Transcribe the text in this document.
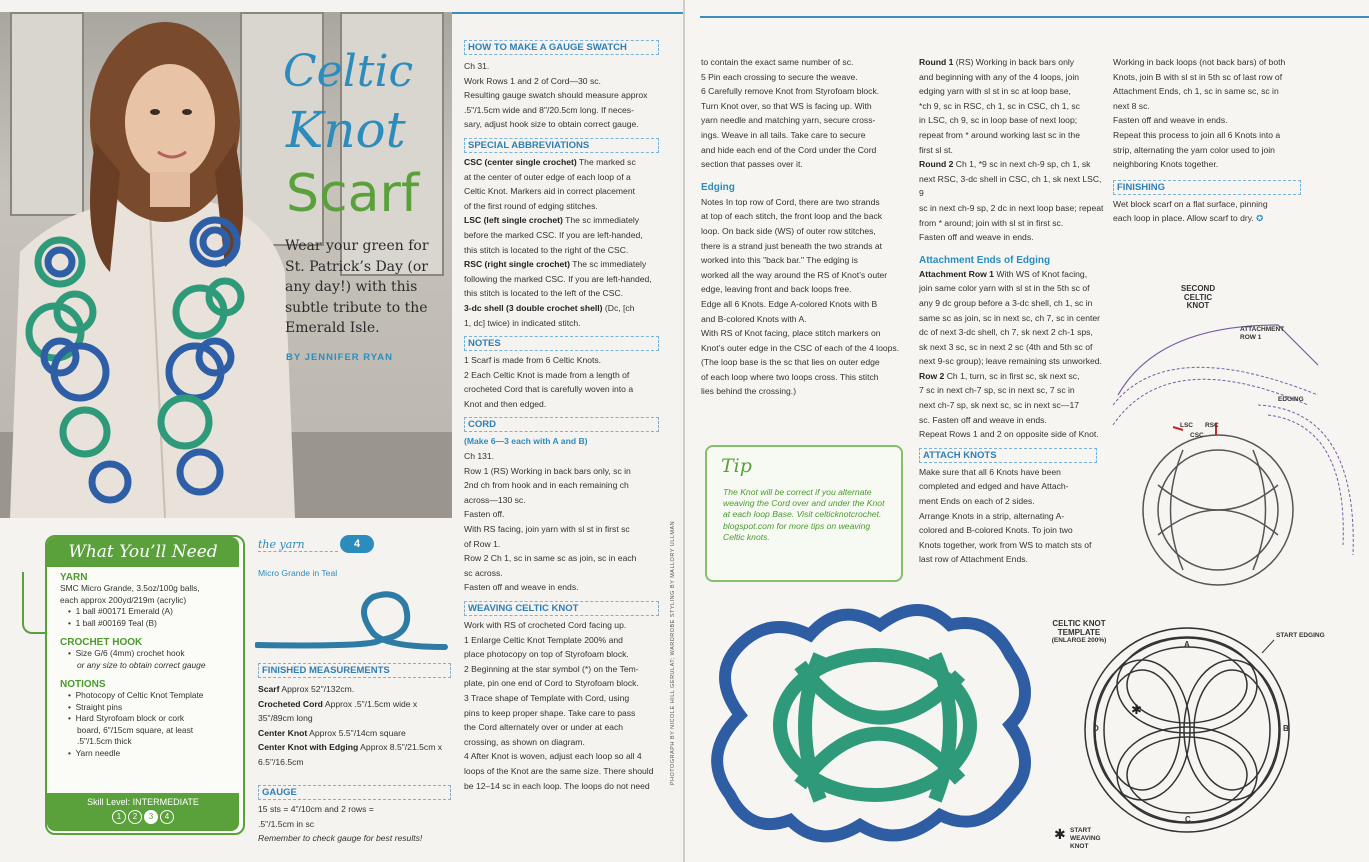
Celtic
Knot
Scarf
Wear your green for St. Patrick’s Day (or any day!) with this subtle tribute to the Emerald Isle.
BY JENNIFER RYAN
What You’ll Need
YARN
SMC Micro Grande, 3.5oz/100g balls,
each approx 200yd/219m (acrylic)
•  1 ball #00171 Emerald (A)
•  1 ball #00169 Teal (B)
CROCHET HOOK
•  Size G/6 (4mm) crochet hook
or any size to obtain correct gauge
NOTIONS
•  Photocopy of Celtic Knot Template
•  Straight pins
•  Hard Styrofoam block or cork
board, 6"/15cm square, at least
.5"/1.5cm thick
•  Yarn needle
Skill Level: INTERMEDIATE
1 2 3 4
the yarn	4
Micro Grande in Teal
FINISHED MEASUREMENTS
Scarf Approx 52"/132cm.
Crocheted Cord Approx .5"/1.5cm wide x 35"/89cm long
Center Knot Approx 5.5"/14cm square
Center Knot with Edging Approx 8.5"/21.5cm x 6.5"/16.5cm
GAUGE
15 sts = 4"/10cm and 2 rows =
.5"/1.5cm in sc
Remember to check gauge for best results!
HOW TO MAKE A GAUGE SWATCH
Ch 31.
Work Rows 1 and 2 of Cord—30 sc.
Resulting gauge swatch should measure approx
.5"/1.5cm wide and 8"/20.5cm long. If neces-
sary, adjust hook size to obtain correct gauge.
SPECIAL ABBREVIATIONS
CSC (center single crochet) The marked sc
at the center of outer edge of each loop of a
Celtic Knot. Markers aid in correct placement
of the first round of edging stitches.
LSC (left single crochet) The sc immediately
before the marked CSC. If you are left-handed,
this stitch is located to the right of the CSC.
RSC (right single crochet) The sc immediately
following the marked CSC. If you are left-handed,
this stitch is located to the left of the CSC.
3-dc shell (3 double crochet shell) (Dc, [ch
1, dc] twice) in indicated stitch.
NOTES
1 Scarf is made from 6 Celtic Knots.
2 Each Celtic Knot is made from a length of
crocheted Cord that is carefully woven into a
Knot and then edged.
CORD
(Make 6—3 each with A and B)
Ch 131.
Row 1 (RS) Working in back bars only, sc in
2nd ch from hook and in each remaining ch
across—130 sc.
Fasten off.
With RS facing, join yarn with sl st in first sc
of Row 1.
Row 2 Ch 1, sc in same sc as join, sc in each
sc across.
Fasten off and weave in ends.
WEAVING CELTIC KNOT
Work with RS of crocheted Cord facing up.
1 Enlarge Celtic Knot Template 200% and
place photocopy on top of Styrofoam block.
2 Beginning at the star symbol (*) on the Tem-
plate, pin one end of Cord to Styrofoam block.
3 Trace shape of Template with Cord, using
pins to keep proper shape. Take care to pass
the Cord alternately over or under at each
crossing, as shown on diagram.
4 After Knot is woven, adjust each loop so all 4
loops of the Knot are the same size. There should
be 12–14 sc in each loop. The loops do not need
PHOTOGRAPH BY NICOLE HILL GERULAT; WARDROBE STYLING BY MALLORY ULLMAN
to contain the exact same number of sc.
5 Pin each crossing to secure the weave.
6 Carefully remove Knot from Styrofoam block.
Turn Knot over, so that WS is facing up. With
yarn needle and matching yarn, secure cross-
ings. Weave in all tails. Take care to secure
and hide each end of the Cord under the Cord
section that passes over it.
Edging
Notes In top row of Cord, there are two strands
at top of each stitch, the front loop and the back
loop. On back side (WS) of outer row stitches,
there is a strand just beneath the two strands at
worked into this "back bar." The edging is
worked all the way around the RS of Knot’s outer
edge, leaving front and back loops free.
Edge all 6 Knots. Edge A-colored Knots with B
and B-colored Knots with A.
With RS of Knot facing, place stitch markers on
Knot’s outer edge in the CSC of each of the 4 loops.
(The loop base is the sc that lies on outer edge
of each loop where two loops cross. This stitch
lies behind the crossing.)
Tip
The Knot will be correct if you alternate weaving the Cord over and under the Knot at each loop Base. Visit celticknotcrochet. blogspot.com for more tips on weaving Celtic knots.
Round 1 (RS) Working in back bars only
and beginning with any of the 4 loops, join
edging yarn with sl st in sc at loop base,
*ch 9, sc in RSC, ch 1, sc in CSC, ch 1, sc
in LSC, ch 9, sc in loop base of next loop;
repeat from * around working last sc in the
first sl st.
Round 2 Ch 1, *9 sc in next ch-9 sp, ch 1, sk
next RSC, 3-dc shell in CSC, ch 1, sk next LSC, 9
sc in next ch-9 sp, 2 dc in next loop base; repeat
from * around; join with sl st in first sc.
Fasten off and weave in ends.
Attachment Ends of Edging
Attachment Row 1 With WS of Knot facing,
join same color yarn with sl st in the 5th sc of
any 9 dc group before a 3-dc shell, ch 1, sc in
same sc as join, sc in next sc, ch 7, sc in center
dc of next 3-dc shell, ch 7, sk next 2 ch-1 sps,
sk next 3 sc, sc in next 2 sc (4th and 5th sc of
next 9-sc group); leave remaining sts unworked.
Row 2 Ch 1, turn, sc in first sc, sk next sc,
7 sc in next ch-7 sp, sc in next sc, 7 sc in
next ch-7 sp, sk next sc, sc in next sc—17
sc. Fasten off and weave in ends.
Repeat Rows 1 and 2 on opposite side of Knot.
ATTACH KNOTS
Make sure that all 6 Knots have been
completed and edged and have Attach-
ment Ends on each of 2 sides.
Arrange Knots in a strip, alternating A-
colored and B-colored Knots. To join two
Knots together, work from WS to match sts of
last row of Attachment Ends.
Working in back loops (not back bars) of both
Knots, join B with sl st in 5th sc of last row of
Attachment Ends, ch 1, sc in same sc, sc in
next 8 sc.
Fasten off and weave in ends.
Repeat this process to join all 6 Knots into a
strip, alternating the yarn color used to join
neighboring Knots together.
FINISHING
Wet block scarf on a flat surface, pinning
each loop in place. Allow scarf to dry. ✪
SECOND
CELTIC
KNOT
ATTACHMENT
ROW 1
EDGING
LSC RSC
CSC
CELTIC KNOT
TEMPLATE
(ENLARGE 200%)
START EDGING
A
B
C
D
✱
✱ START
WEAVING
KNOT
